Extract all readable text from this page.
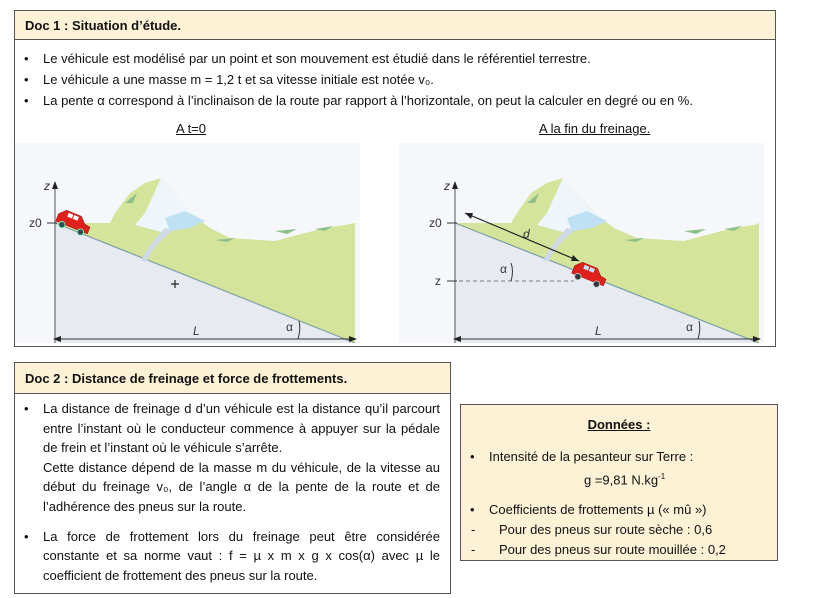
Doc 1 : Situation d’étude.
• Le véhicule est modélisé par un point et son mouvement est étudié dans le référentiel terrestre.
• Le véhicule a une masse m = 1,2 t et sa vitesse initiale est notée v₀.
• La pente α correspond à l’inclinaison de la route par rapport à l’horizontale, on peut la calculer en degré ou en %.
A t=0	A la fin du freinage.
z
z0
L	α
z
z0
z
d
α
L	α
Doc 2 : Distance de freinage et force de frottements.
• La distance de freinage d d’un véhicule est la distance qu’il parcourt entre l’instant où le conducteur commence à appuyer sur la pédale de frein et l’instant où le véhicule s’arrête.
Cette distance dépend de la masse m du véhicule, de la vitesse au début du freinage v₀, de l’angle α de la pente de la route et de l’adhérence des pneus sur la route.
• La force de frottement lors du freinage peut être considérée constante et sa norme vaut : f = µ x m x g x cos(α) avec µ le coefficient de frottement des pneus sur la route.
Données :
• Intensité de la pesanteur sur Terre :

g =9,81 $N.kg^{-1}$
• Coefficients de frottements µ (« mû »)
- Pour des pneus sur route sèche : 0,6
- Pour des pneus sur route mouillée : 0,2
